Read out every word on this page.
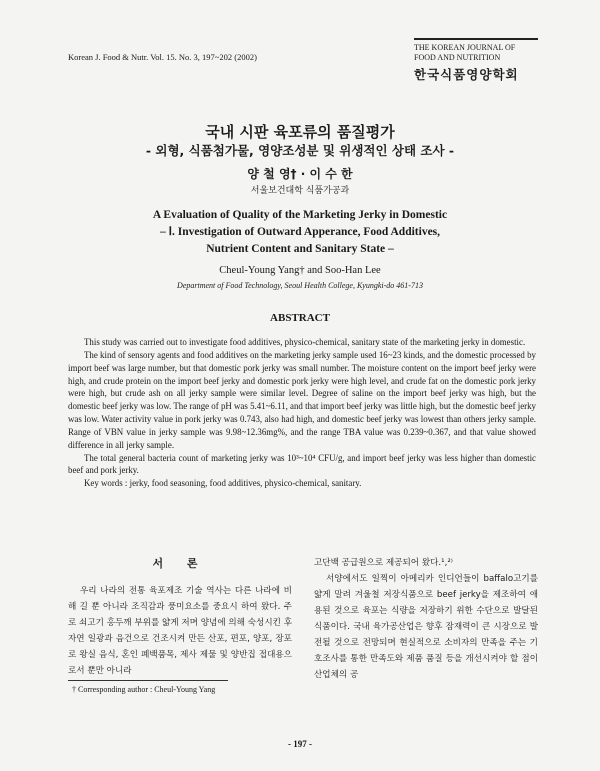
Korean J. Food & Nutr. Vol. 15. No. 3, 197~202 (2002)
THE KOREAN JOURNAL OF
FOOD AND NUTRITION
한국식품영양학회
국내 시판 육포류의 품질평가
- 외형, 식품첨가물, 영양조성분 및 위생적인 상태 조사 -
양 철 영† · 이 수 한
서울보건대학 식품가공과
A Evaluation of Quality of the Marketing Jerky in Domestic
– Ⅰ. Investigation of Outward Apperance, Food Additives,
Nutrient Content and Sanitary State –
Cheul-Young Yang† and Soo-Han Lee
Department of Food Technology, Seoul Health College, Kyungki-do 461-713
ABSTRACT

This study was carried out to investigate food additives, physico-chemical, sanitary state of the marketing jerky in domestic.

The kind of sensory agents and food additives on the marketing jerky sample used 16~23 kinds, and the domestic processed by import beef was large number, but that domestic pork jerky was small number. The moisture content on the import beef jerky were high, and crude protein on the import beef jerky and domestic pork jerky were high level, and crude fat on the domestic pork jerky were high, but crude ash on all jerky sample were similar level. Degree of saline on the import beef jerky was high, but the domestic beef jerky was low. The range of pH was 5.41~6.11, and that import beef jerky was little high, but the domestic beef jerky was low. Water activity value in pork jerky was 0.743, also had high, and domestic beef jerky was lowest than others jerky sample. Range of VBN value in jerky sample was 9.98~12.36mg%, and the range TBA value was 0.239~0.367, and that value showed difference in all jerky sample.

The total general bacteria count of marketing jerky was 10³~10⁴ CFU/g, and import beef jerky was less higher than domestic beef and pork jerky.

Key words : jerky, food seasoning, food additives, physico-chemical, sanitary.

서 론

우리 나라의 전통 육포제조 기술 역사는 다른 나라에 비해 길 뿐 아니라 조직감과 풍미요소를 중요시 하여 왔다. 주로 쇠고기 홍두깨 부위를 얇게 저며 양념에 의해 숙성시킨 후 자연 일광과 음건으로 건조시켜 만든 산포, 편포, 양포, 장포로 왕실 음식, 혼인 폐백품목, 제사 제물 및 양반집 접대용으로서 뿐만 아니라

고단백 공급원으로 제공되어 왔다.¹,²⁾

서양에서도 일찍이 아메리카 인디언들이 baffalo고기를 얇게 말려 겨울철 저장식품으로 beef jerky을 제조하여 애용된 것으로 육포는 식량을 저장하기 위한 수단으로 발달된 식품이다. 국내 육가공산업은 향후 잠재력이 큰 시장으로 발전될 것으로 전망되며 현실적으로 소비자의 만족을 주는 기호조사를 통한 만족도와 제품 품질 등을 개선시켜야 할 점이 산업체의 공

† Corresponding author : Cheul-Young Yang
- 197 -
